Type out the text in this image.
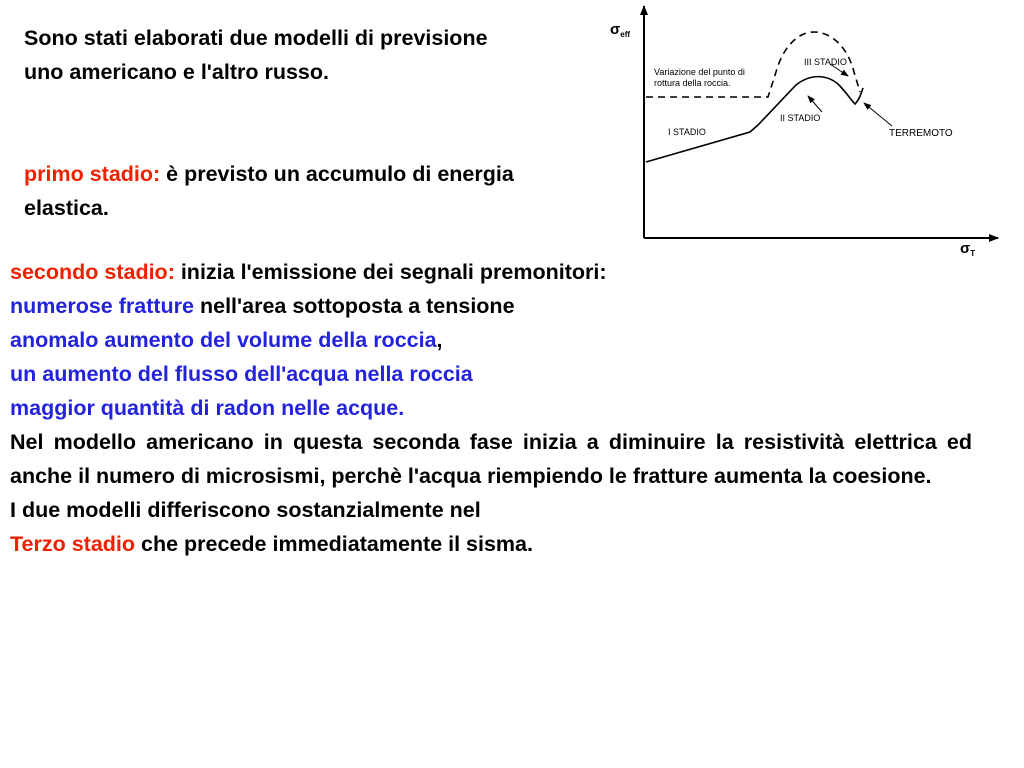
Sono stati elaborati due modelli di previsione uno americano e l'altro russo.

primo stadio: è previsto un accumulo di energia elastica.

secondo stadio: inizia l'emissione dei segnali premonitori:
numerose fratture nell'area sottoposta a tensione
anomalo aumento del volume della roccia,
un aumento del flusso dell'acqua nella roccia
maggior quantità di radon nelle acque.
Nel modello americano in questa seconda fase inizia a diminuire la resistività elettrica ed anche il numero di microsismi, perchè l'acqua riempiendo le fratture aumenta la coesione.
I due modelli differiscono sostanzialmente nel
Terzo stadio che precede immediatamente il sisma.
$\sigma_{eff}$
$\sigma_T$
Variazione del punto di
rottura della roccia.
I STADIO
II STADIO
III STADIO
TERREMOTO
